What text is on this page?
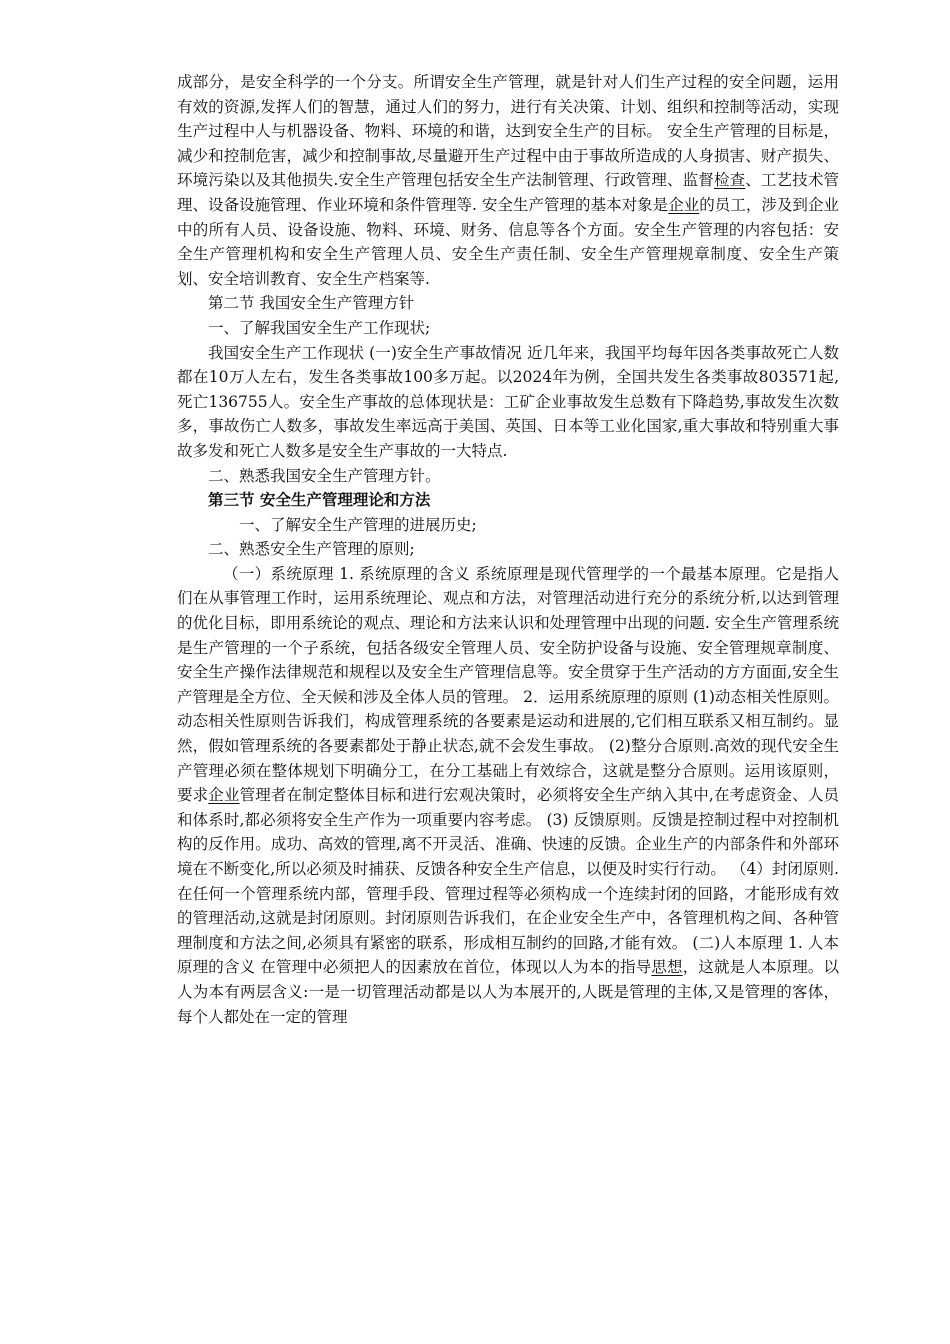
成部分，是安全科学的一个分支。所谓安全生产管理，就是针对人们生产过程的安全问题，运用有效的资源,发挥人们的智慧，通过人们的努力，进行有关决策、计划、组织和控制等活动，实现生产过程中人与机器设备、物料、环境的和谐，达到安全生产的目标。 安全生产管理的目标是，减少和控制危害，减少和控制事故,尽量避开生产过程中由于事故所造成的人身损害、财产损失、环境污染以及其他损失.安全生产管理包括安全生产法制管理、行政管理、监督检查、工艺技术管理、设备设施管理、作业环境和条件管理等. 安全生产管理的基本对象是企业的员工，涉及到企业中的所有人员、设备设施、物料、环境、财务、信息等各个方面。安全生产管理的内容包括：安全生产管理机构和安全生产管理人员、安全生产责任制、安全生产管理规章制度、安全生产策划、安全培训教育、安全生产档案等.

第二节 我国安全生产管理方针

一、了解我国安全生产工作现状;

我国安全生产工作现状 (一)安全生产事故情况 近几年来，我国平均每年因各类事故死亡人数都在10万人左右，发生各类事故100多万起。以2024年为例，全国共发生各类事故803571起,死亡136755人。安全生产事故的总体现状是：工矿企业事故发生总数有下降趋势,事故发生次数多，事故伤亡人数多，事故发生率远高于美国、英国、日本等工业化国家,重大事故和特别重大事故多发和死亡人数多是安全生产事故的一大特点.

二、熟悉我国安全生产管理方针。

第三节 安全生产管理理论和方法

一、了解安全生产管理的进展历史;

二、熟悉安全生产管理的原则;

（一）系统原理 1. 系统原理的含义 系统原理是现代管理学的一个最基本原理。它是指人们在从事管理工作时，运用系统理论、观点和方法，对管理活动进行充分的系统分析,以达到管理的优化目标，即用系统论的观点、理论和方法来认识和处理管理中出现的问题. 安全生产管理系统是生产管理的一个子系统，包括各级安全管理人员、安全防护设备与设施、安全管理规章制度、安全生产操作法律规范和规程以及安全生产管理信息等。安全贯穿于生产活动的方方面面,安全生产管理是全方位、全天候和涉及全体人员的管理。 2．运用系统原理的原则 (1)动态相关性原则。动态相关性原则告诉我们，构成管理系统的各要素是运动和进展的,它们相互联系又相互制约。显然，假如管理系统的各要素都处于静止状态,就不会发生事故。 (2)整分合原则.高效的现代安全生产管理必须在整体规划下明确分工，在分工基础上有效综合，这就是整分合原则。运用该原则，要求企业管理者在制定整体目标和进行宏观决策时，必须将安全生产纳入其中,在考虑资金、人员和体系时,都必须将安全生产作为一项重要内容考虑。 (3) 反馈原则。反馈是控制过程中对控制机构的反作用。成功、高效的管理,离不开灵活、准确、快速的反馈。企业生产的内部条件和外部环境在不断变化,所以必须及时捕获、反馈各种安全生产信息，以便及时实行行动。 （4）封闭原则.在任何一个管理系统内部，管理手段、管理过程等必须构成一个连续封闭的回路，才能形成有效的管理活动,这就是封闭原则。封闭原则告诉我们，在企业安全生产中，各管理机构之间、各种管理制度和方法之间,必须具有紧密的联系，形成相互制约的回路,才能有效。 (二)人本原理 1. 人本原理的含义 在管理中必须把人的因素放在首位，体现以人为本的指导思想，这就是人本原理。以人为本有两层含义:一是一切管理活动都是以人为本展开的,人既是管理的主体,又是管理的客体，每个人都处在一定的管理
